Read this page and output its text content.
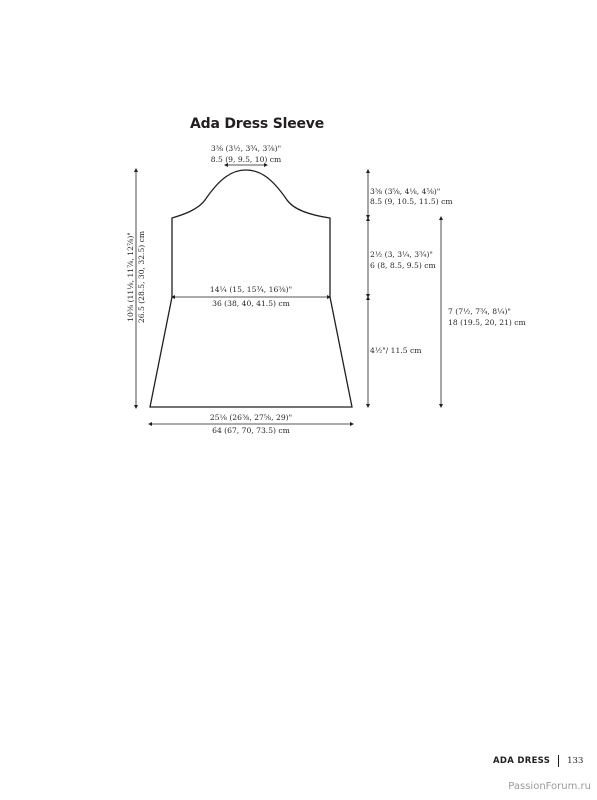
Ada Dress Sleeve
3⅜ (3½, 3¾, 3⅞)"
8.5 (9, 9.5, 10) cm
3⅜ (3⅝, 4⅛, 4⅝)"
8.5 (9, 10.5, 11.5) cm
2½ (3, 3¼, 3¾)"
6 (8, 8.5, 9.5) cm
14¼ (15, 15¾, 16⅜)"
36 (38, 40, 41.5) cm
7 (7½, 7¾, 8¼)"
18 (19.5, 20, 21) cm
4½"/ 11.5 cm
25⅛ (26⅜, 27⅝, 29)"
64 (67, 70, 73.5) cm
10⅜ (11⅛, 11⅞, 12⅞)" 26.5 (28.5, 30, 32.5) cm
ADA DRESS 133
PassionForum.ru
